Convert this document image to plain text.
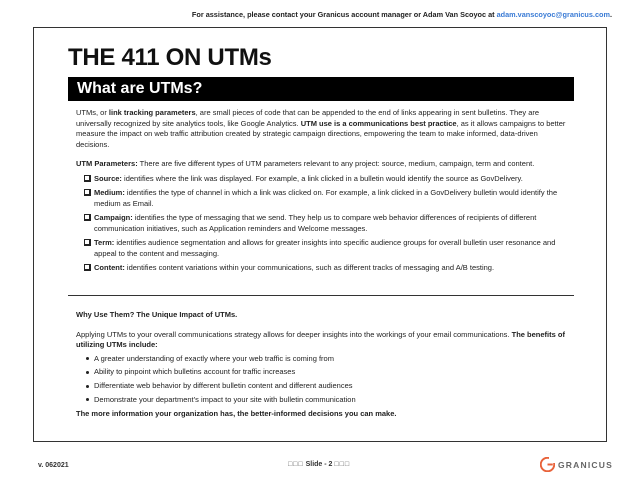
For assistance, please contact your Granicus account manager or Adam Van Scoyoc at adam.vanscoyoc@granicus.com.
THE 411 ON UTMs
What are UTMs?

UTMs, or link tracking parameters, are small pieces of code that can be appended to the end of links appearing in sent bulletins. They are universally recognized by site analytics tools, like Google Analytics. UTM use is a communications best practice, as it allows campaigns to better measure the impact on web traffic attribution created by strategic campaign directions, empowering the team to make informed, data-driven decisions.

UTM Parameters: There are five different types of UTM parameters relevant to any project: source, medium, campaign, term and content.

Source: identifies where the link was displayed. For example, a link clicked in a bulletin would identify the source as GovDelivery.
Medium: identifies the type of channel in which a link was clicked on. For example, a link clicked in a GovDelivery bulletin would identify the medium as Email.
Campaign: identifies the type of messaging that we send. They help us to compare web behavior differences of recipients of different communication initiatives, such as Application reminders and Welcome messages.
Term: identifies audience segmentation and allows for greater insights into specific audience groups for overall bulletin user resonance and appeal to the content and messaging.
Content: identifies content variations within your communications, such as different tracks of messaging and A/B testing.

Why Use Them? The Unique Impact of UTMs.

Applying UTMs to your overall communications strategy allows for deeper insights into the workings of your email communications. The benefits of utilizing UTMs include:

A greater understanding of exactly where your web traffic is coming from
Ability to pinpoint which bulletins account for traffic increases
Differentiate web behavior by different bulletin content and different audiences
Demonstrate your department’s impact to your site with bulletin communication

The more information your organization has, the better-informed decisions you can make.

v. 062021	□□□ Slide - 2 □□□	GRANICUS
